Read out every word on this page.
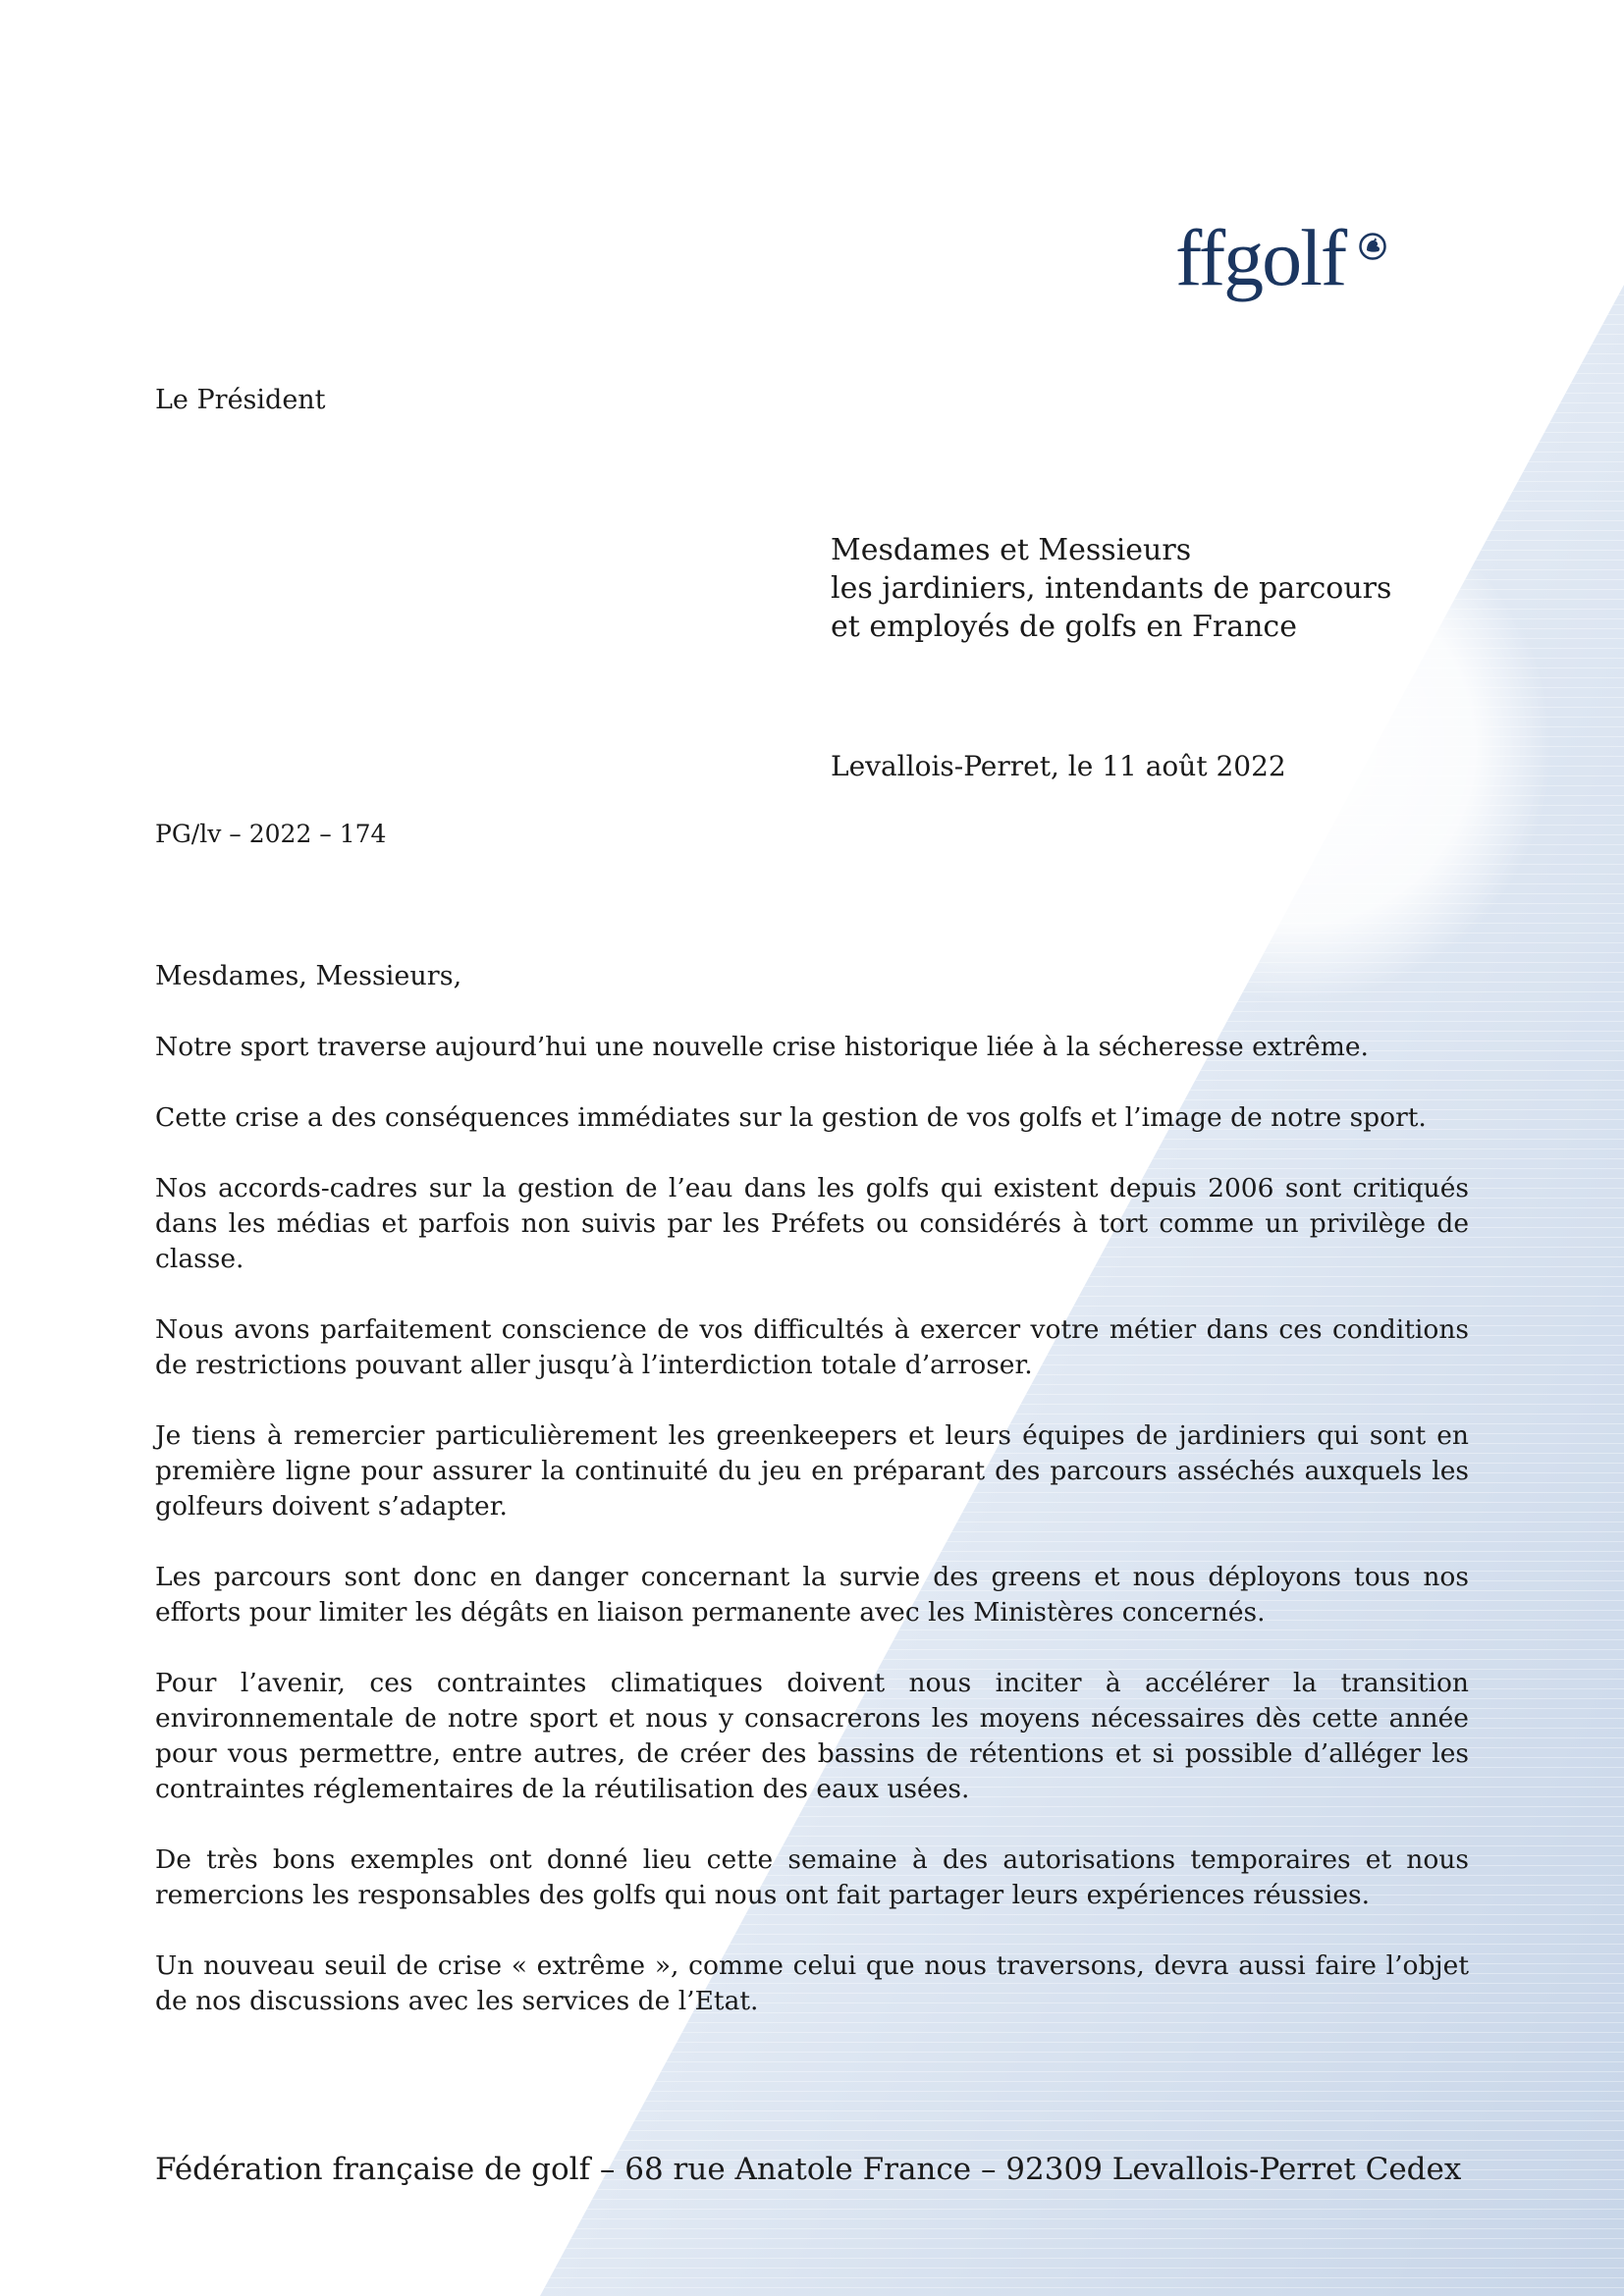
ffgolf
Le Président
Mesdames et Messieurs
les jardiniers, intendants de parcours
et employés de golfs en France
Levallois-Perret, le 11 août 2022
PG/lv – 2022 – 174
Mesdames, Messieurs,

Notre sport traverse aujourd’hui une nouvelle crise historique liée à la sécheresse extrême.

Cette crise a des conséquences immédiates sur la gestion de vos golfs et l’image de notre sport.

Nos accords-cadres sur la gestion de l’eau dans les golfs qui existent depuis 2006 sont critiqués dans les médias et parfois non suivis par les Préfets ou considérés à tort comme un privilège de classe.

Nous avons parfaitement conscience de vos difficultés à exercer votre métier dans ces conditions de restrictions pouvant aller jusqu’à l’interdiction totale d’arroser.

Je tiens à remercier particulièrement les greenkeepers et leurs équipes de jardiniers qui sont en première ligne pour assurer la continuité du jeu en préparant des parcours asséchés auxquels les golfeurs doivent s’adapter.

Les parcours sont donc en danger concernant la survie des greens et nous déployons tous nos efforts pour limiter les dégâts en liaison permanente avec les Ministères concernés.

Pour l’avenir, ces contraintes climatiques doivent nous inciter à accélérer la transition environnementale de notre sport et nous y consacrerons les moyens nécessaires dès cette année pour vous permettre, entre autres, de créer des bassins de rétentions et si possible d’alléger les contraintes réglementaires de la réutilisation des eaux usées.

De très bons exemples ont donné lieu cette semaine à des autorisations temporaires et nous remercions les responsables des golfs qui nous ont fait partager leurs expériences réussies.

Un nouveau seuil de crise « extrême », comme celui que nous traversons, devra aussi faire l’objet de nos discussions avec les services de l’Etat.

Fédération française de golf – 68 rue Anatole France – 92309 Levallois-Perret Cedex
